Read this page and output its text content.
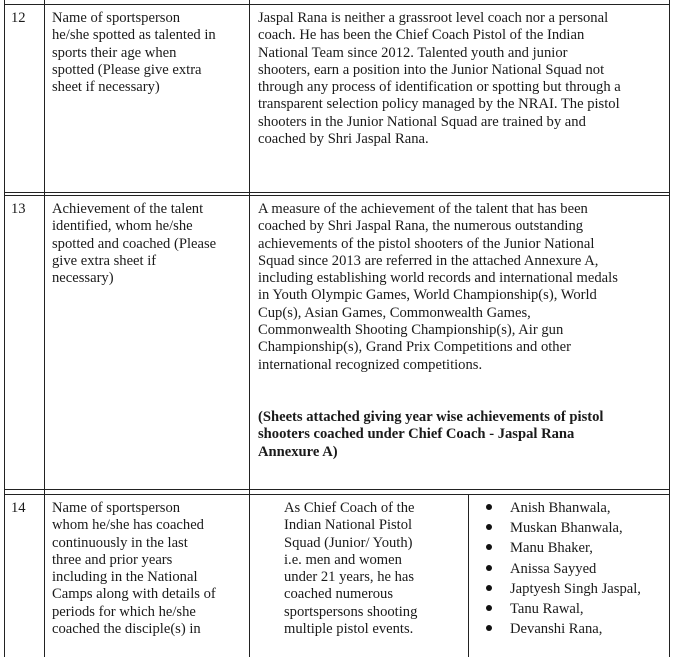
12 Name of sportsperson
he/she spotted as talented in
sports their age when
spotted (Please give extra
sheet if necessary)
Jaspal Rana is neither a grassroot level coach nor a personal
coach. He has been the Chief Coach Pistol of the Indian
National Team since 2012. Talented youth and junior
shooters, earn a position into the Junior National Squad not
through any process of identification or spotting but through a
transparent selection policy managed by the NRAI. The pistol
shooters in the Junior National Squad are trained by and
coached by Shri Jaspal Rana.
13 Achievement of the talent
identified, whom he/she
spotted and coached (Please
give extra sheet if
necessary)
A measure of the achievement of the talent that has been
coached by Shri Jaspal Rana, the numerous outstanding
achievements of the pistol shooters of the Junior National
Squad since 2013 are referred in the attached Annexure A,
including establishing world records and international medals
in Youth Olympic Games, World Championship(s), World
Cup(s), Asian Games, Commonwealth Games,
Commonwealth Shooting Championship(s), Air gun
Championship(s), Grand Prix Competitions and other
international recognized competitions.
(Sheets attached giving year wise achievements of pistol
shooters coached under Chief Coach - Jaspal Rana
Annexure A)
14 Name of sportsperson
whom he/she has coached
continuously in the last
three and prior years
including in the National
Camps along with details of
periods for which he/she
coached the disciple(s) in
As Chief Coach of the
Indian National Pistol
Squad (Junior/ Youth)
i.e. men and women
under 21 years, he has
coached numerous
sportspersons shooting
multiple pistol events.
Anish Bhanwala,
Muskan Bhanwala,
Manu Bhaker,
Anissa Sayyed
Japtyesh Singh Jaspal,
Tanu Rawal,
Devanshi Rana,
